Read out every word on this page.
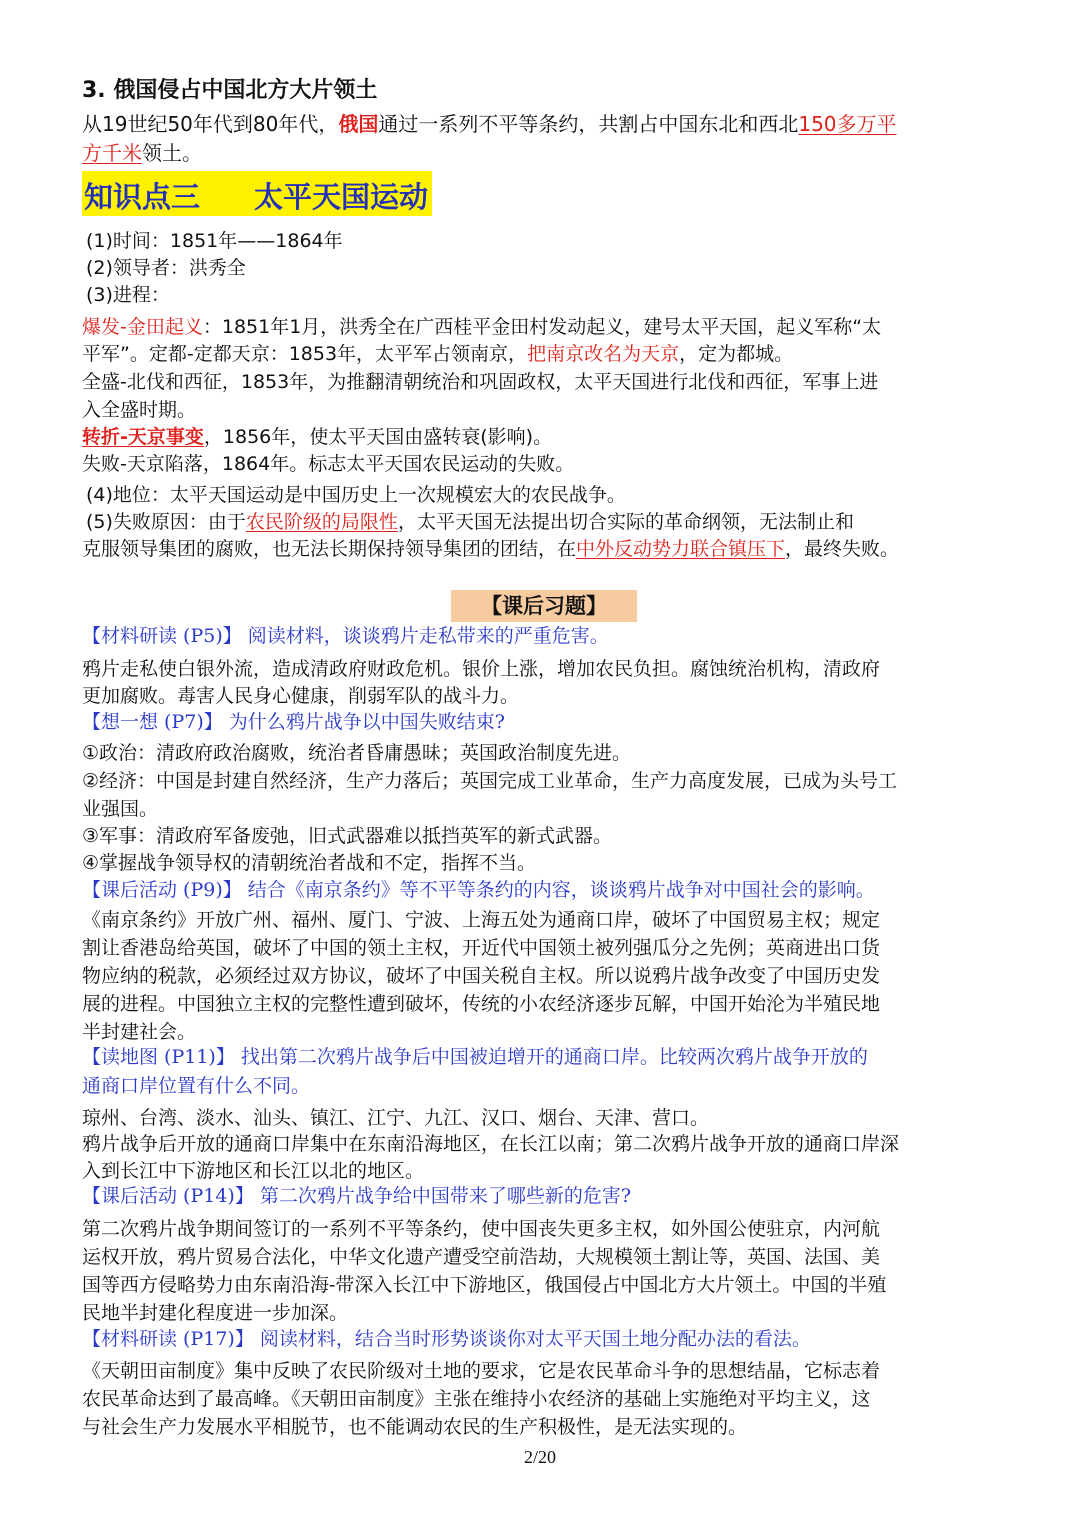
3. 俄国侵占中国北方大片领土
从19世纪50年代到80年代，俄国通过一系列不平等条约，共割占中国东北和西北150多万平
方千米领土。
知识点三 太平天国运动
(1)时间：1851年——1864年
(2)领导者：洪秀全
(3)进程：
爆发-金田起义：1851年1月，洪秀全在广西桂平金田村发动起义，建号太平天国，起义军称“太
平军”。定都-定都天京：1853年，太平军占领南京，把南京改名为天京，定为都城。
全盛-北伐和西征，1853年，为推翻清朝统治和巩固政权，太平天国进行北伐和西征，军事上进
入全盛时期。
转折-天京事变，1856年，使太平天国由盛转衰(影响)。
失败-天京陷落，1864年。标志太平天国农民运动的失败。
(4)地位：太平天国运动是中国历史上一次规模宏大的农民战争。
(5)失败原因：由于农民阶级的局限性，太平天国无法提出切合实际的革命纲领，无法制止和
克服领导集团的腐败，也无法长期保持领导集团的团结，在中外反动势力联合镇压下，最终失败。
【课后习题】
【材料研读 (P5)】 阅读材料，谈谈鸦片走私带来的严重危害。
鸦片走私使白银外流，造成清政府财政危机。银价上涨，增加农民负担。腐蚀统治机构，清政府
更加腐败。毒害人民身心健康，削弱军队的战斗力。
【想一想 (P7)】 为什么鸦片战争以中国失败结束?
①政治：清政府政治腐败，统治者昏庸愚昧；英国政治制度先进。
②经济：中国是封建自然经济，生产力落后；英国完成工业革命，生产力高度发展，已成为头号工
业强国。
③军事：清政府军备废弛，旧式武器难以抵挡英军的新式武器。
④掌握战争领导权的清朝统治者战和不定，指挥不当。
【课后活动 (P9)】 结合《南京条约》等不平等条约的内容，谈谈鸦片战争对中国社会的影响。
《南京条约》开放广州、福州、厦门、宁波、上海五处为通商口岸，破坏了中国贸易主权；规定
割让香港岛给英国，破坏了中国的领土主权，开近代中国领土被列强瓜分之先例；英商进出口货
物应纳的税款，必须经过双方协议，破坏了中国关税自主权。所以说鸦片战争改变了中国历史发
展的进程。中国独立主权的完整性遭到破坏，传统的小农经济逐步瓦解，中国开始沦为半殖民地
半封建社会。
【读地图 (P11)】 找出第二次鸦片战争后中国被迫增开的通商口岸。比较两次鸦片战争开放的
通商口岸位置有什么不同。
琼州、台湾、淡水、汕头、镇江、江宁、九江、汉口、烟台、天津、营口。
鸦片战争后开放的通商口岸集中在东南沿海地区，在长江以南；第二次鸦片战争开放的通商口岸深
入到长江中下游地区和长江以北的地区。
【课后活动 (P14)】 第二次鸦片战争给中国带来了哪些新的危害?
第二次鸦片战争期间签订的一系列不平等条约，使中国丧失更多主权，如外国公使驻京，内河航
运权开放，鸦片贸易合法化，中华文化遗产遭受空前浩劫，大规模领土割让等，英国、法国、美
国等西方侵略势力由东南沿海-带深入长江中下游地区，俄国侵占中国北方大片领土。中国的半殖
民地半封建化程度进一步加深。
【材料研读 (P17)】 阅读材料，结合当时形势谈谈你对太平天国土地分配办法的看法。
《天朝田亩制度》集中反映了农民阶级对土地的要求，它是农民革命斗争的思想结晶，它标志着
农民革命达到了最高峰。《天朝田亩制度》主张在维持小农经济的基础上实施绝对平均主义，这
与社会生产力发展水平相脱节，也不能调动农民的生产积极性，是无法实现的。
2/20
